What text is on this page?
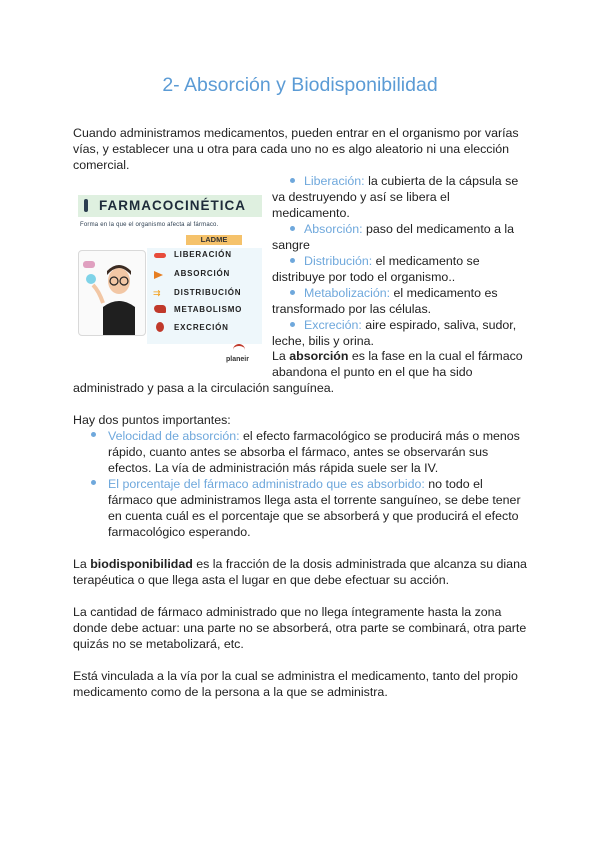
2- Absorción y Biodisponibilidad

Cuando administramos medicamentos, pueden entrar en el organismo por varías vías, y establecer una u otra para cada uno no es algo aleatorio ni una elección comercial.

FARMACOCINÉTICA
Forma en la que el organismo afecta al fármaco.
LADME
LIBERACIÓN
ABSORCIÓN
⇉ DISTRIBUCIÓN
METABOLISMO
EXCRECIÓN
planeir
Liberación: la cubierta de la cápsula se va destruyendo y así se libera el medicamento.
Absorción: paso del medicamento a la sangre
Distribución: el medicamento se distribuye por todo el organismo..
Metabolización: el medicamento es transformado por las células.
Excreción: aire espirado, saliva, sudor, leche, bilis y orina.

La absorción es la fase en la cual el fármaco abandona el punto en el que ha sido

administrado y pasa a la circulación sanguínea.

Hay dos puntos importantes:

Velocidad de absorción: el efecto farmacológico se producirá más o menos rápido, cuanto antes se absorba el fármaco, antes se observarán sus efectos. La vía de administración más rápida suele ser la IV.
El porcentaje del fármaco administrado que es absorbido: no todo el fármaco que administramos llega asta el torrente sanguíneo, se debe tener en cuenta cuál es el porcentaje que se absorberá y que producirá el efecto farmacológico esperando.

La biodisponibilidad es la fracción de la dosis administrada que alcanza su diana terapéutica o que llega asta el lugar en que debe efectuar su acción.

La cantidad de fármaco administrado que no llega íntegramente hasta la zona donde debe actuar: una parte no se absorberá, otra parte se combinará, otra parte quizás no se metabolizará, etc.

Está vinculada a la vía por la cual se administra el medicamento, tanto del propio medicamento como de la persona a la que se administra.
